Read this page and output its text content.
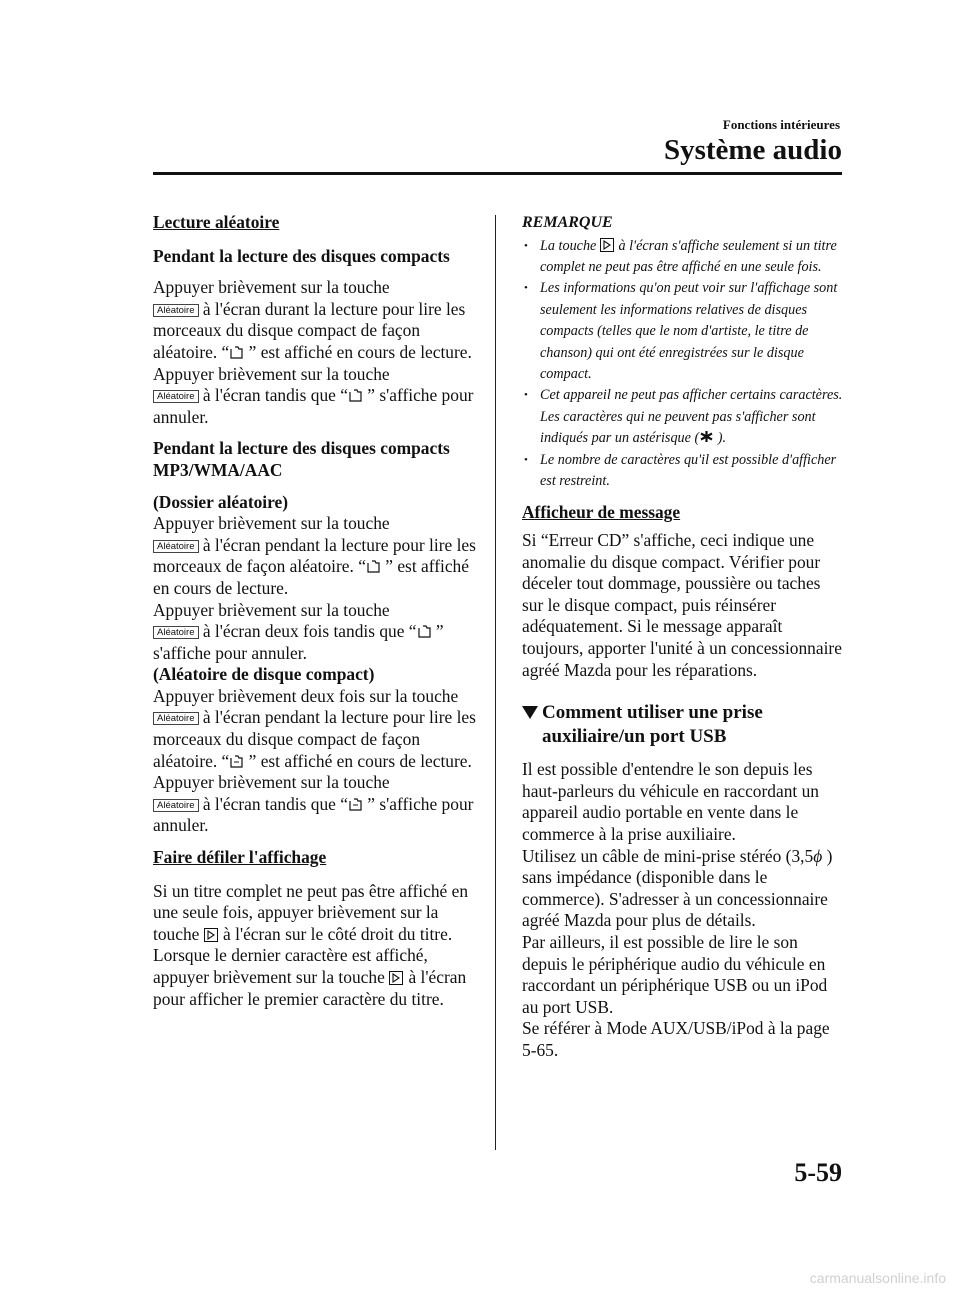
Fonctions intérieures
Système audio

Lecture aléatoire

Pendant la lecture des disques compacts

Appuyer brièvement sur la touche
Aléatoire à l'écran durant la lecture pour lire les morceaux du disque compact de façon aléatoire. “
” est affiché en cours de lecture.

Appuyer brièvement sur la touche
Aléatoire à l'écran tandis que “
” s'affiche pour annuler.

Pendant la lecture des disques compacts MP3/WMA/AAC

(Dossier aléatoire)

Appuyer brièvement sur la touche
Aléatoire à l'écran pendant la lecture pour lire les morceaux de façon aléatoire. “
” est affiché en cours de lecture.

Appuyer brièvement sur la touche
Aléatoire à l'écran deux fois tandis que “
” s'affiche pour annuler.

(Aléatoire de disque compact)

Appuyer brièvement deux fois sur la touche Aléatoire à l'écran pendant la lecture pour lire les morceaux du disque compact de façon aléatoire. “
” est affiché en cours de lecture.

Appuyer brièvement sur la touche
Aléatoire à l'écran tandis que “
” s'affiche pour annuler.

Faire défiler l'affichage

Si un titre complet ne peut pas être affiché en une seule fois, appuyer brièvement sur la touche
à l'écran sur le côté droit du titre. Lorsque le dernier caractère est affiché, appuyer brièvement sur la touche
à l'écran pour afficher le premier caractère du titre.

REMARQUE

• La touche
à l'écran s'affiche seulement si un titre complet ne peut pas être affiché en une seule fois.
• Les informations qu'on peut voir sur l'affichage sont seulement les informations relatives de disques compacts (telles que le nom d'artiste, le titre de chanson) qui ont été enregistrées sur le disque compact.
• Cet appareil ne peut pas afficher certains caractères. Les caractères qui ne peuvent pas s'afficher sont indiqués par un astérisque (
).
• Le nombre de caractères qu'il est possible d'afficher est restreint.

Afficheur de message

Si “Erreur CD” s'affiche, ceci indique une anomalie du disque compact. Vérifier pour déceler tout dommage, poussière ou taches sur le disque compact, puis réinsérer adéquatement. Si le message apparaît toujours, apporter l'unité à un concessionnaire agréé Mazda pour les réparations.

Comment utiliser une prise auxiliaire/un port USB

Il est possible d'entendre le son depuis les haut-parleurs du véhicule en raccordant un appareil audio portable en vente dans le commerce à la prise auxiliaire.

Utilisez un câble de mini-prise stéréo (3,5ϕ ) sans impédance (disponible dans le commerce). S'adresser à un concessionnaire agréé Mazda pour plus de détails.

Par ailleurs, il est possible de lire le son depuis le périphérique audio du véhicule en raccordant un périphérique USB ou un iPod au port USB.

Se référer à Mode AUX/USB/iPod à la page 5-65.

5-59
carmanualsonline.info
